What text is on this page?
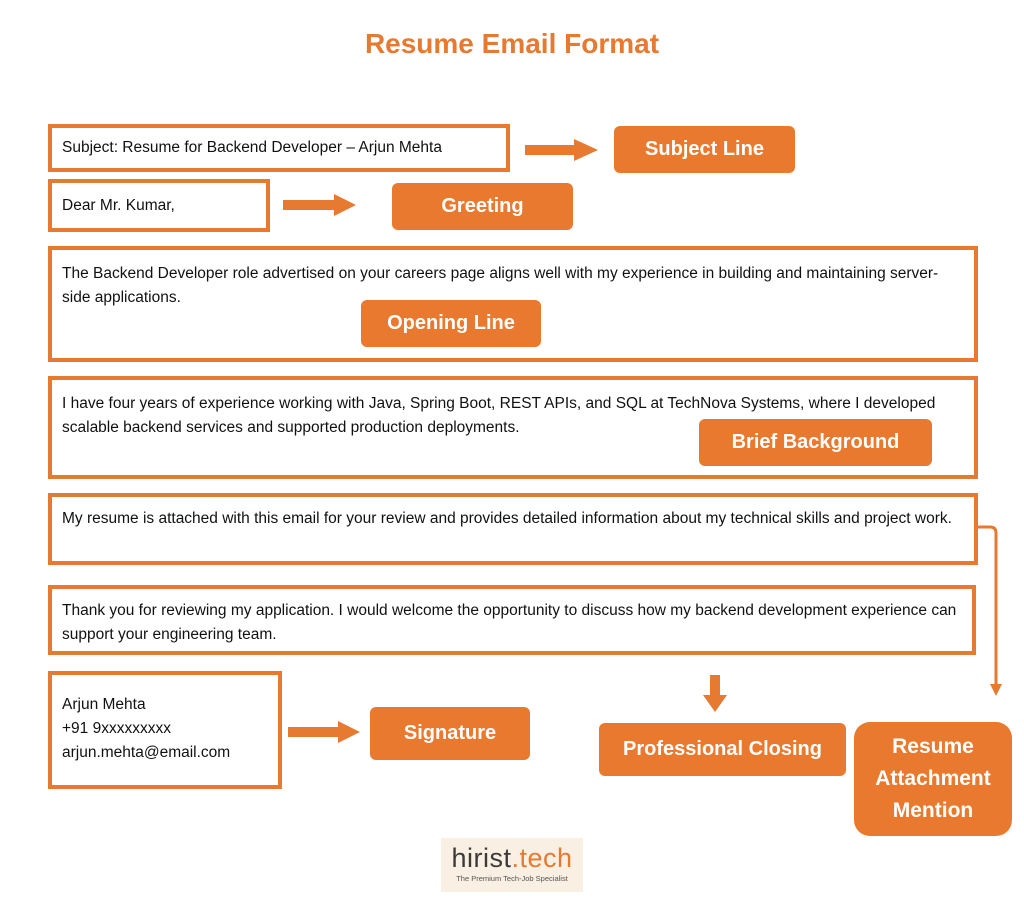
Resume Email Format
Subject: Resume for Backend Developer – Arjun Mehta
Dear Mr. Kumar,
The Backend Developer role advertised on your careers page aligns well with my experience in building and maintaining server-side applications.
I have four years of experience working with Java, Spring Boot, REST APIs, and SQL at TechNova Systems, where I developed scalable backend services and supported production deployments.
My resume is attached with this email for your review and provides detailed information about my technical skills and project work.
Thank you for reviewing my application. I would welcome the opportunity to discuss how my backend development experience can support your engineering team.
Arjun Mehta
+91 9xxxxxxxxx
arjun.mehta@email.com
Subject Line
Greeting
Opening Line
Brief Background
Signature
Professional Closing	Resume Attachment Mention
hirist.tech
The Premium Tech-Job Specialist
